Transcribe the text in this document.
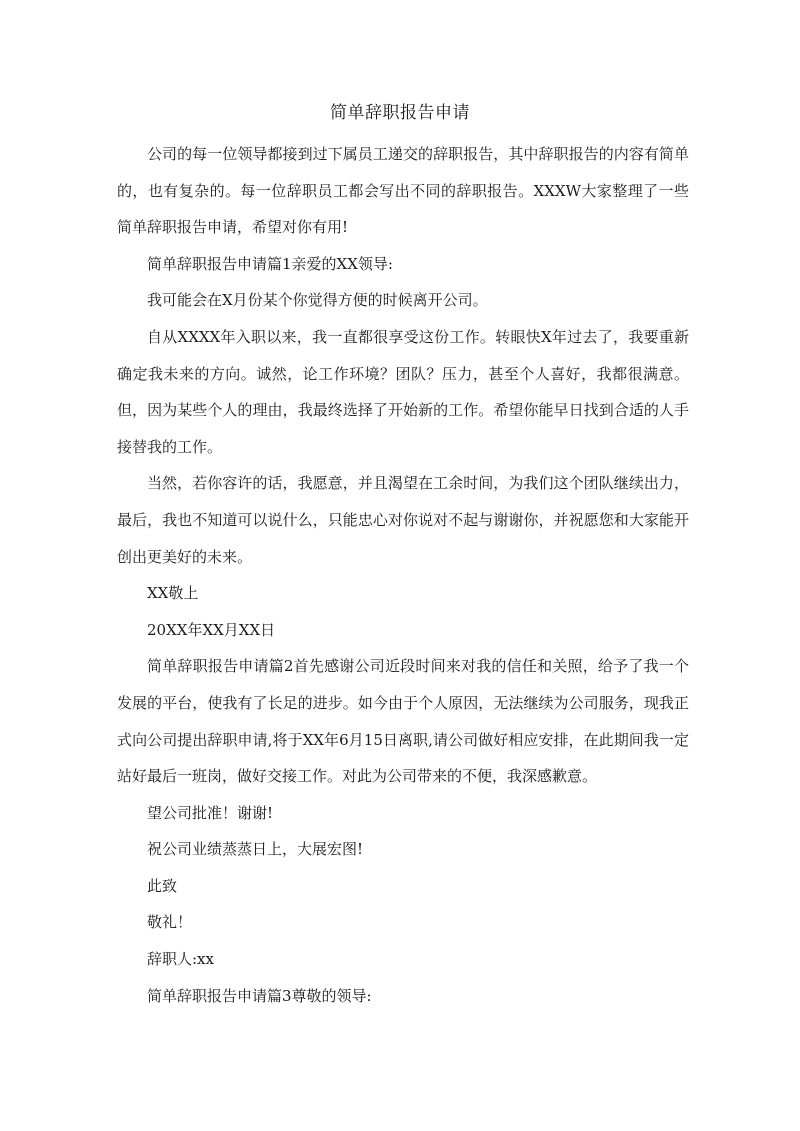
简单辞职报告申请

公司的每一位领导都接到过下属员工递交的辞职报告，其中辞职报告的内容有简单的，也有复杂的。每一位辞职员工都会写出不同的辞职报告。XXXW大家整理了一些简单辞职报告申请，希望对你有用!

简单辞职报告申请篇1亲爱的XX领导:

我可能会在X月份某个你觉得方便的时候离开公司。

自从XXXX年入职以来，我一直都很享受这份工作。转眼快X年过去了，我要重新确定我未来的方向。诚然，论工作环境？团队？压力，甚至个人喜好，我都很满意。但，因为某些个人的理由，我最终选择了开始新的工作。希望你能早日找到合适的人手接替我的工作。

当然，若你容许的话，我愿意，并且渴望在工余时间，为我们这个团队继续出力，最后，我也不知道可以说什么，只能忠心对你说对不起与谢谢你，并祝愿您和大家能开创出更美好的未来。

XX敬上

20XX年XX月XX日

简单辞职报告申请篇2首先感谢公司近段时间来对我的信任和关照，给予了我一个发展的平台，使我有了长足的进步。如今由于个人原因，无法继续为公司服务，现我正式向公司提出辞职申请,将于XX年6月15日离职,请公司做好相应安排，在此期间我一定站好最后一班岗，做好交接工作。对此为公司带来的不便，我深感歉意。

望公司批准！谢谢!

祝公司业绩蒸蒸日上，大展宏图!

此致

敬礼！

辞职人:xx

简单辞职报告申请篇3尊敬的领导:
